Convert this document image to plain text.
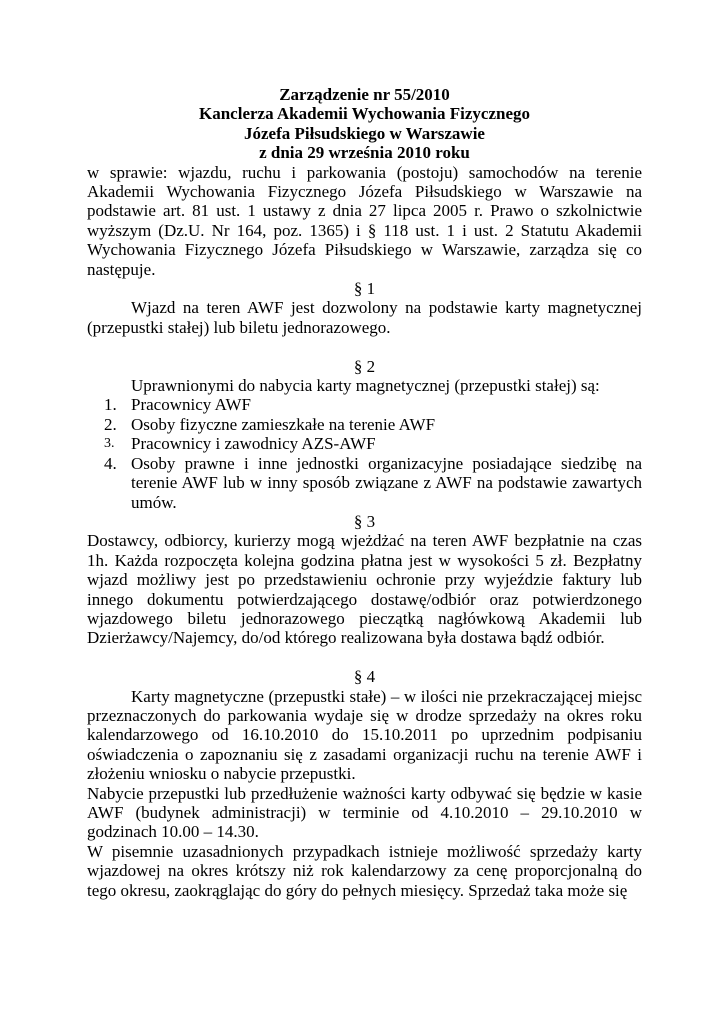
Zarządzenie nr 55/2010
Kanclerza Akademii Wychowania Fizycznego
Józefa Piłsudskiego w Warszawie
z dnia 29 września 2010 roku
w sprawie: wjazdu, ruchu i parkowania (postoju) samochodów na terenie Akademii Wychowania Fizycznego Józefa Piłsudskiego w Warszawie na podstawie art. 81 ust. 1 ustawy z dnia 27 lipca 2005 r. Prawo o szkolnictwie wyższym (Dz.U. Nr 164, poz. 1365) i § 118 ust. 1 i ust. 2 Statutu Akademii Wychowania Fizycznego Józefa Piłsudskiego w Warszawie, zarządza się co następuje.
§ 1
Wjazd na teren AWF jest dozwolony na podstawie karty magnetycznej (przepustki stałej) lub biletu jednorazowego.
§ 2
Uprawnionymi do nabycia karty magnetycznej (przepustki stałej) są:
1. Pracownicy AWF
2. Osoby fizyczne zamieszkałe na terenie AWF
3. Pracownicy i zawodnicy AZS-AWF
4. Osoby prawne i inne jednostki organizacyjne posiadające siedzibę na terenie AWF lub w inny sposób związane z AWF na podstawie zawartych umów.
§ 3
Dostawcy, odbiorcy, kurierzy mogą wjeżdżać na teren AWF bezpłatnie na czas 1h. Każda rozpoczęta kolejna godzina płatna jest w wysokości 5 zł. Bezpłatny wjazd możliwy jest po przedstawieniu ochronie przy wyjeździe faktury lub innego dokumentu potwierdzającego dostawę/odbiór oraz potwierdzonego wjazdowego biletu jednorazowego pieczątką nagłówkową Akademii lub Dzierżawcy/Najemcy, do/od którego realizowana była dostawa bądź odbiór.
§ 4
Karty magnetyczne (przepustki stałe) – w ilości nie przekraczającej miejsc przeznaczonych do parkowania wydaje się w drodze sprzedaży na okres roku kalendarzowego od 16.10.2010 do 15.10.2011 po uprzednim podpisaniu oświadczenia o zapoznaniu się z zasadami organizacji ruchu na terenie AWF i złożeniu wniosku o nabycie przepustki.
Nabycie przepustki lub przedłużenie ważności karty odbywać się będzie w kasie AWF (budynek administracji) w terminie od 4.10.2010 – 29.10.2010 w godzinach 10.00 – 14.30.
W pisemnie uzasadnionych przypadkach istnieje możliwość sprzedaży karty wjazdowej na okres krótszy niż rok kalendarzowy za cenę proporcjonalną do tego okresu, zaokrąglając do góry do pełnych miesięcy. Sprzedaż taka może się
